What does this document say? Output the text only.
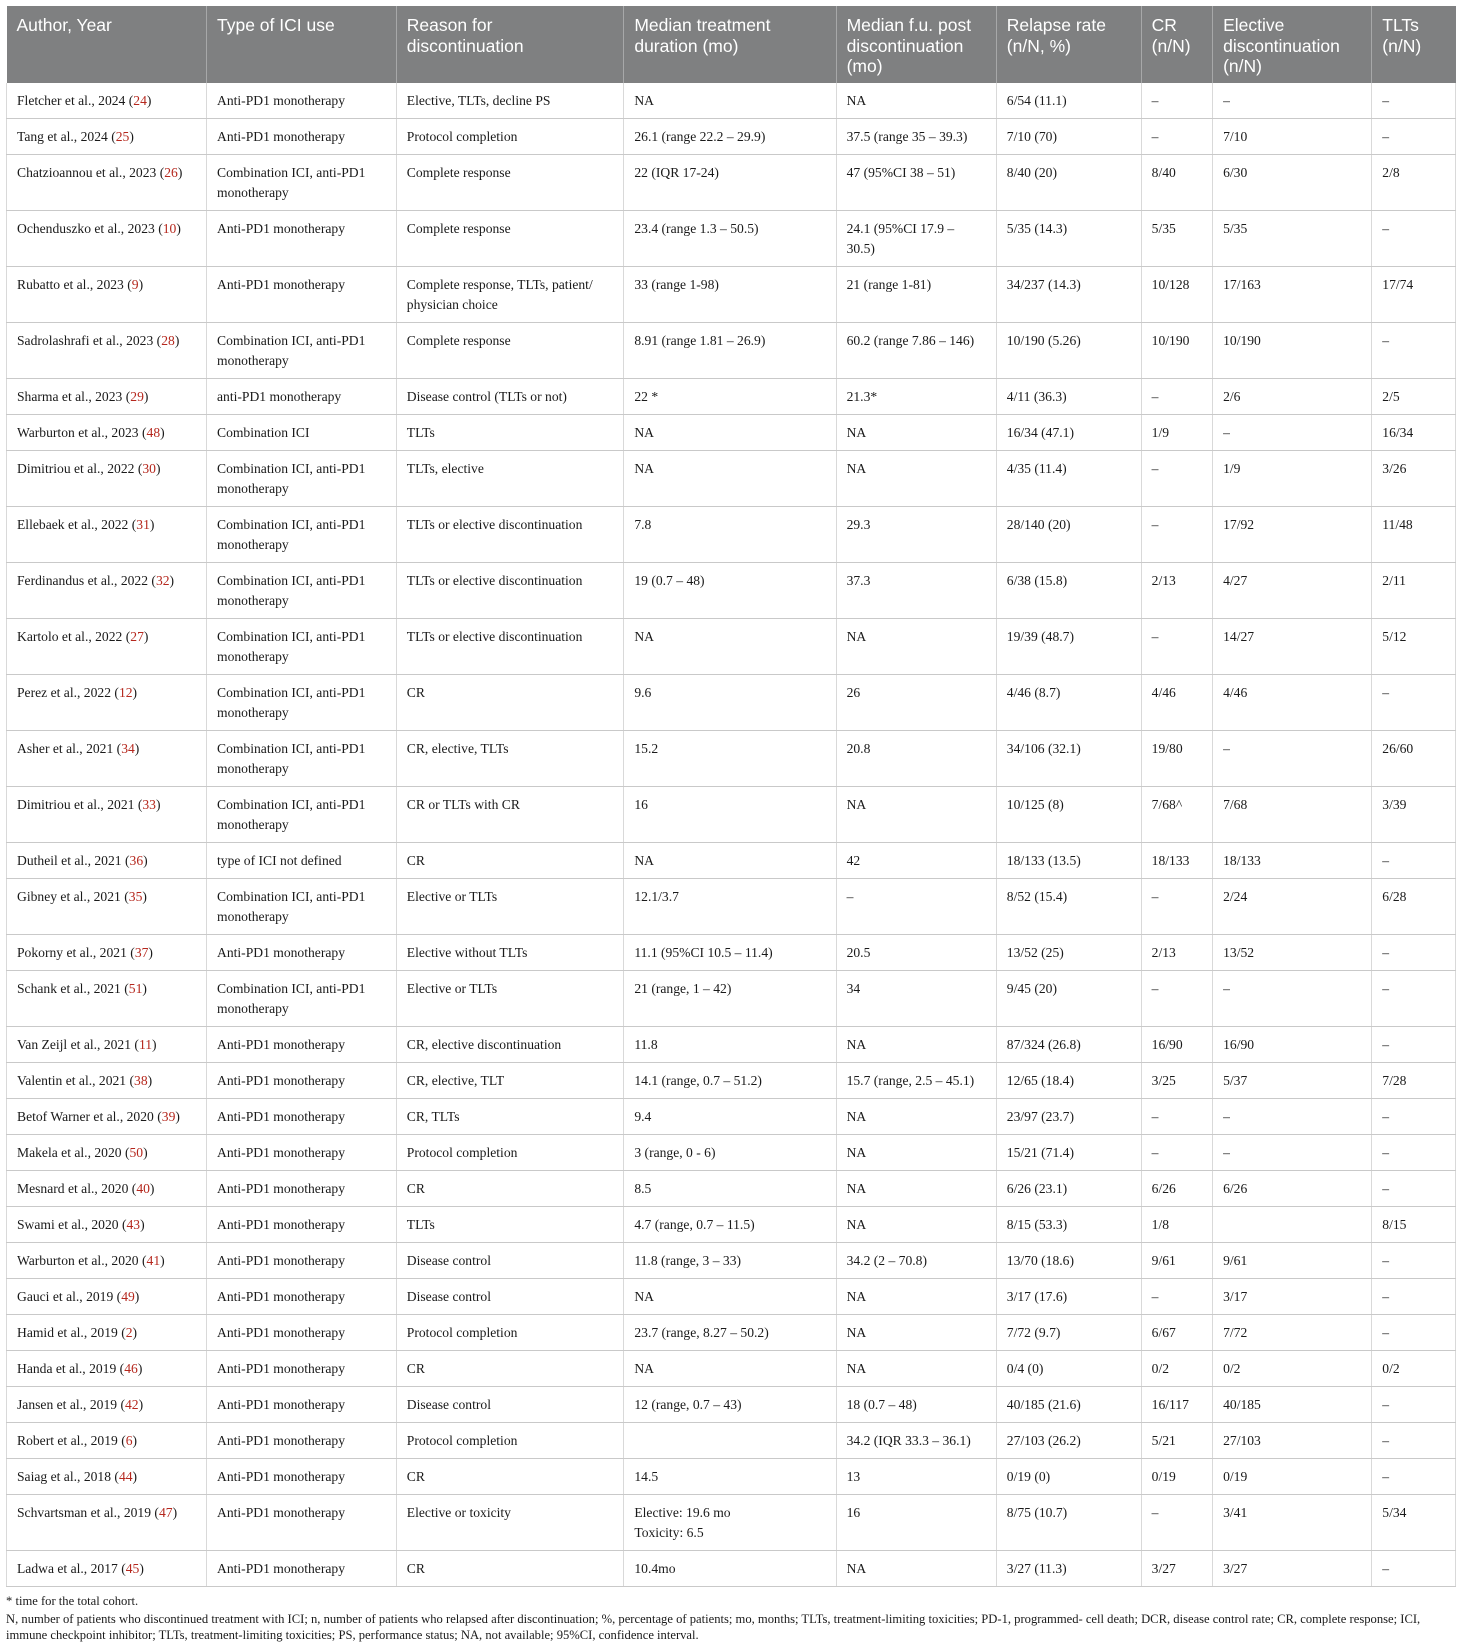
Author, Year	Type of ICI use	Reason for discontinuation	Median treatment duration (mo)	Median f.u. post discontinuation (mo)	Relapse rate (n/N, %)	CR (n/N)	Elective discontinuation (n/N)	TLTs (n/N)
Fletcher et al., 2024 (24)	Anti-PD1 monotherapy	Elective, TLTs, decline PS	NA	NA	6/54 (11.1)	–	–	–
Tang et al., 2024 (25)	Anti-PD1 monotherapy	Protocol completion	26.1 (range 22.2 – 29.9)	37.5 (range 35 – 39.3)	7/10 (70)	–	7/10	–
Chatzioannou et al., 2023 (26)	Combination ICI, anti-PD1 monotherapy	Complete response	22 (IQR 17-24)	47 (95%CI 38 – 51)	8/40 (20)	8/40	6/30	2/8
Ochenduszko et al., 2023 (10)	Anti-PD1 monotherapy	Complete response	23.4 (range 1.3 – 50.5)	24.1 (95%CI 17.9 – 30.5)	5/35 (14.3)	5/35	5/35	–
Rubatto et al., 2023 (9)	Anti-PD1 monotherapy	Complete response, TLTs, patient/ physician choice	33 (range 1-98)	21 (range 1-81)	34/237 (14.3)	10/128	17/163	17/74
Sadrolashrafi et al., 2023 (28)	Combination ICI, anti-PD1 monotherapy	Complete response	8.91 (range 1.81 – 26.9)	60.2 (range 7.86 – 146)	10/190 (5.26)	10/190	10/190	–
Sharma et al., 2023 (29)	anti-PD1 monotherapy	Disease control (TLTs or not)	22 *	21.3*	4/11 (36.3)	–	2/6	2/5
Warburton et al., 2023 (48)	Combination ICI	TLTs	NA	NA	16/34 (47.1)	1/9	–	16/34
Dimitriou et al., 2022 (30)	Combination ICI, anti-PD1 monotherapy	TLTs, elective	NA	NA	4/35 (11.4)	–	1/9	3/26
Ellebaek et al., 2022 (31)	Combination ICI, anti-PD1 monotherapy	TLTs or elective discontinuation	7.8	29.3	28/140 (20)	–	17/92	11/48
Ferdinandus et al., 2022 (32)	Combination ICI, anti-PD1 monotherapy	TLTs or elective discontinuation	19 (0.7 – 48)	37.3	6/38 (15.8)	2/13	4/27	2/11
Kartolo et al., 2022 (27)	Combination ICI, anti-PD1 monotherapy	TLTs or elective discontinuation	NA	NA	19/39 (48.7)	–	14/27	5/12
Perez et al., 2022 (12)	Combination ICI, anti-PD1 monotherapy	CR	9.6	26	4/46 (8.7)	4/46	4/46	–
Asher et al., 2021 (34)	Combination ICI, anti-PD1 monotherapy	CR, elective, TLTs	15.2	20.8	34/106 (32.1)	19/80	–	26/60
Dimitriou et al., 2021 (33)	Combination ICI, anti-PD1 monotherapy	CR or TLTs with CR	16	NA	10/125 (8)	7/68^	7/68	3/39
Dutheil et al., 2021 (36)	type of ICI not defined	CR	NA	42	18/133 (13.5)	18/133	18/133	–
Gibney et al., 2021 (35)	Combination ICI, anti-PD1 monotherapy	Elective or TLTs	12.1/3.7	–	8/52 (15.4)	–	2/24	6/28
Pokorny et al., 2021 (37)	Anti-PD1 monotherapy	Elective without TLTs	11.1 (95%CI 10.5 – 11.4)	20.5	13/52 (25)	2/13	13/52	–
Schank et al., 2021 (51)	Combination ICI, anti-PD1 monotherapy	Elective or TLTs	21 (range, 1 – 42)	34	9/45 (20)	–	–	–
Van Zeijl et al., 2021 (11)	Anti-PD1 monotherapy	CR, elective discontinuation	11.8	NA	87/324 (26.8)	16/90	16/90	–
Valentin et al., 2021 (38)	Anti-PD1 monotherapy	CR, elective, TLT	14.1 (range, 0.7 – 51.2)	15.7 (range, 2.5 – 45.1)	12/65 (18.4)	3/25	5/37	7/28
Betof Warner et al., 2020 (39)	Anti-PD1 monotherapy	CR, TLTs	9.4	NA	23/97 (23.7)	–	–	–
Makela et al., 2020 (50)	Anti-PD1 monotherapy	Protocol completion	3 (range, 0 - 6)	NA	15/21 (71.4)	–	–	–
Mesnard et al., 2020 (40)	Anti-PD1 monotherapy	CR	8.5	NA	6/26 (23.1)	6/26	6/26	–
Swami et al., 2020 (43)	Anti-PD1 monotherapy	TLTs	4.7 (range, 0.7 – 11.5)	NA	8/15 (53.3)	1/8		8/15
Warburton et al., 2020 (41)	Anti-PD1 monotherapy	Disease control	11.8 (range, 3 – 33)	34.2 (2 – 70.8)	13/70 (18.6)	9/61	9/61	–
Gauci et al., 2019 (49)	Anti-PD1 monotherapy	Disease control	NA	NA	3/17 (17.6)	–	3/17	–
Hamid et al., 2019 (2)	Anti-PD1 monotherapy	Protocol completion	23.7 (range, 8.27 – 50.2)	NA	7/72 (9.7)	6/67	7/72	–
Handa et al., 2019 (46)	Anti-PD1 monotherapy	CR	NA	NA	0/4 (0)	0/2	0/2	0/2
Jansen et al., 2019 (42)	Anti-PD1 monotherapy	Disease control	12 (range, 0.7 – 43)	18 (0.7 – 48)	40/185 (21.6)	16/117	40/185	–
Robert et al., 2019 (6)	Anti-PD1 monotherapy	Protocol completion		34.2 (IQR 33.3 – 36.1)	27/103 (26.2)	5/21	27/103	–
Saiag et al., 2018 (44)	Anti-PD1 monotherapy	CR	14.5	13	0/19 (0)	0/19	0/19	–
Schvartsman et al., 2019 (47)	Anti-PD1 monotherapy	Elective or toxicity	Elective: 19.6 mo
Toxicity: 6.5	16	8/75 (10.7)	–	3/41	5/34
Ladwa et al., 2017 (45)	Anti-PD1 monotherapy	CR	10.4mo	NA	3/27 (11.3)	3/27	3/27	–

* time for the total cohort.

N, number of patients who discontinued treatment with ICI; n, number of patients who relapsed after discontinuation; %, percentage of patients; mo, months; TLTs, treatment-limiting toxicities; PD-1, programmed- cell death; DCR, disease control rate; CR, complete response; ICI, immune checkpoint inhibitor; TLTs, treatment-limiting toxicities; PS, performance status; NA, not available; 95%CI, confidence interval.
